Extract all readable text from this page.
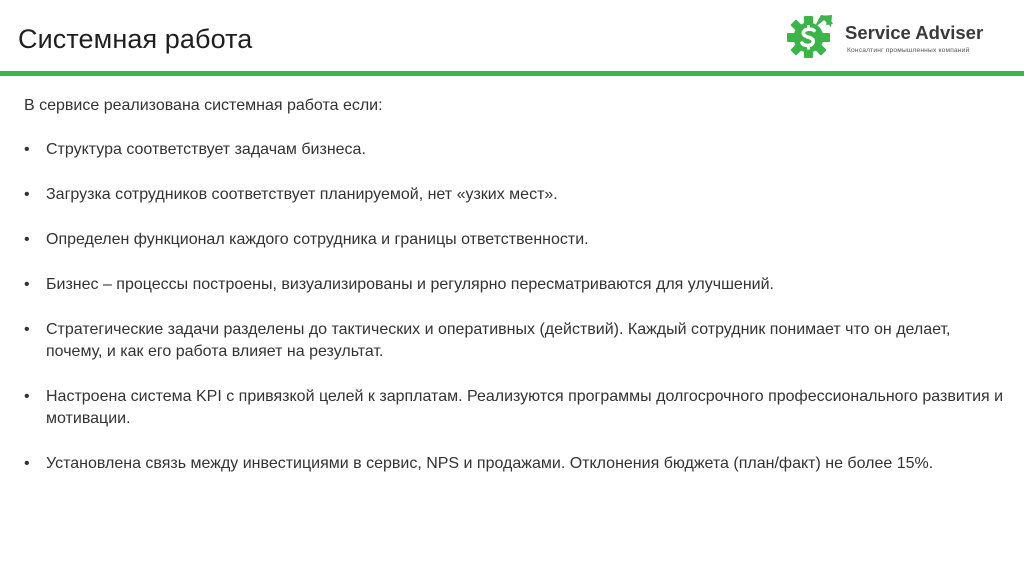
Системная работа	Service Adviser
Консалтинг промышленных компаний

В сервисе реализована системная работа если:

• Структура соответствует задачам бизнеса.
• Загрузка сотрудников соответствует планируемой, нет «узких мест».
• Определен функционал каждого сотрудника и границы ответственности.
• Бизнес – процессы построены, визуализированы и регулярно пересматриваются для улучшений.
• Стратегические задачи разделены до тактических и оперативных (действий). Каждый сотрудник понимает что он делает, почему, и как его работа влияет на результат.
• Настроена система KPI с привязкой целей к зарплатам. Реализуются программы долгосрочного профессионального развития и мотивации.
• Установлена связь между инвестициями в сервис, NPS и продажами. Отклонения бюджета (план/факт) не более 15%.
